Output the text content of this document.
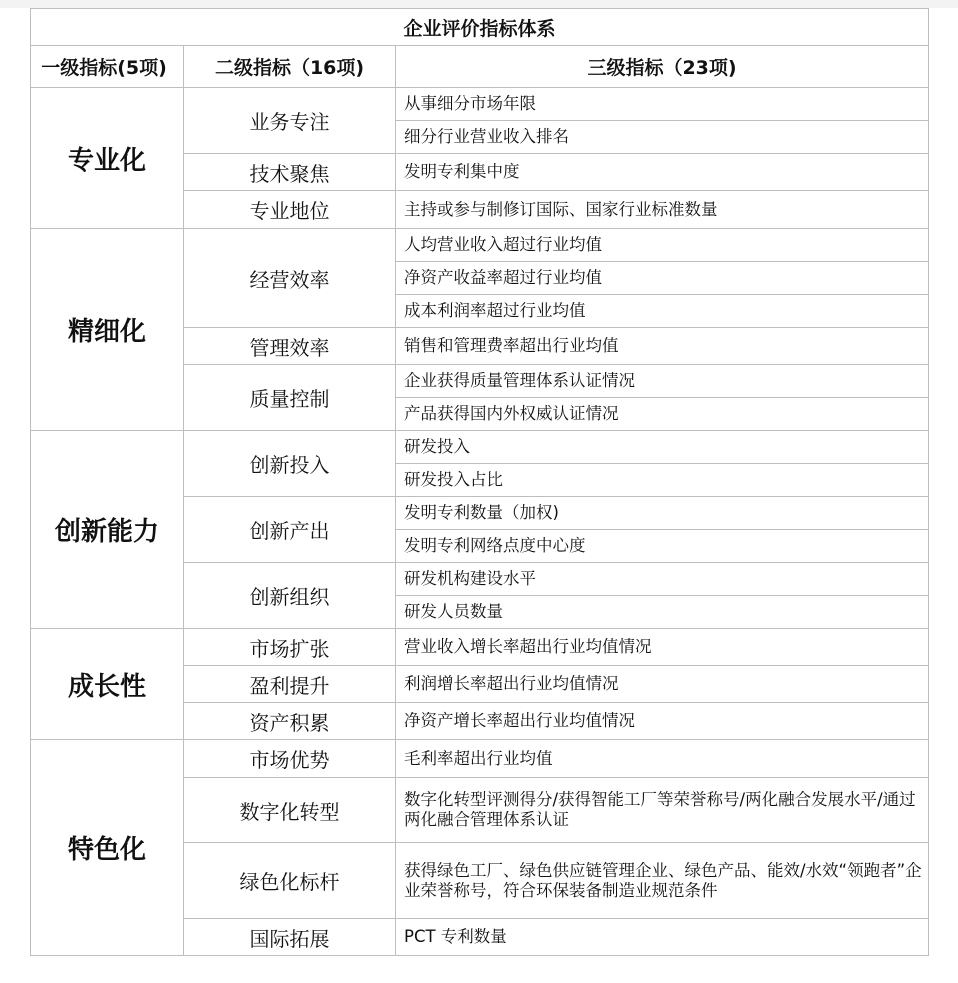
企业评价指标体系		
一级指标(5项)	二级指标（16项)	三级指标（23项)
专业化	业务专注	从事细分市场年限
		细分行业营业收入排名
	技术聚焦	发明专利集中度
	专业地位	主持或参与制修订国际、国家行业标准数量
精细化	经营效率	人均营业收入超过行业均值
		净资产收益率超过行业均值
		成本利润率超过行业均值
	管理效率	销售和管理费率超出行业均值
	质量控制	企业获得质量管理体系认证情况
		产品获得国内外权威认证情况
创新能力	创新投入	研发投入
		研发投入占比
	创新产出	发明专利数量（加权)
		发明专利网络点度中心度
	创新组织	研发机构建设水平
		研发人员数量
成长性	市场扩张	营业收入增长率超出行业均值情况
	盈利提升	利润增长率超出行业均值情况
	资产积累	净资产增长率超出行业均值情况
特色化	市场优势	毛利率超出行业均值
	数字化转型	数字化转型评测得分/获得智能工厂等荣誉称号/两化融合发展水平/通过两化融合管理体系认证
	绿色化标杆	获得绿色工厂、绿色供应链管理企业、绿色产品、能效/水效“领跑者”企业荣誉称号，符合环保装备制造业规范条件
	国际拓展	PCT 专利数量
